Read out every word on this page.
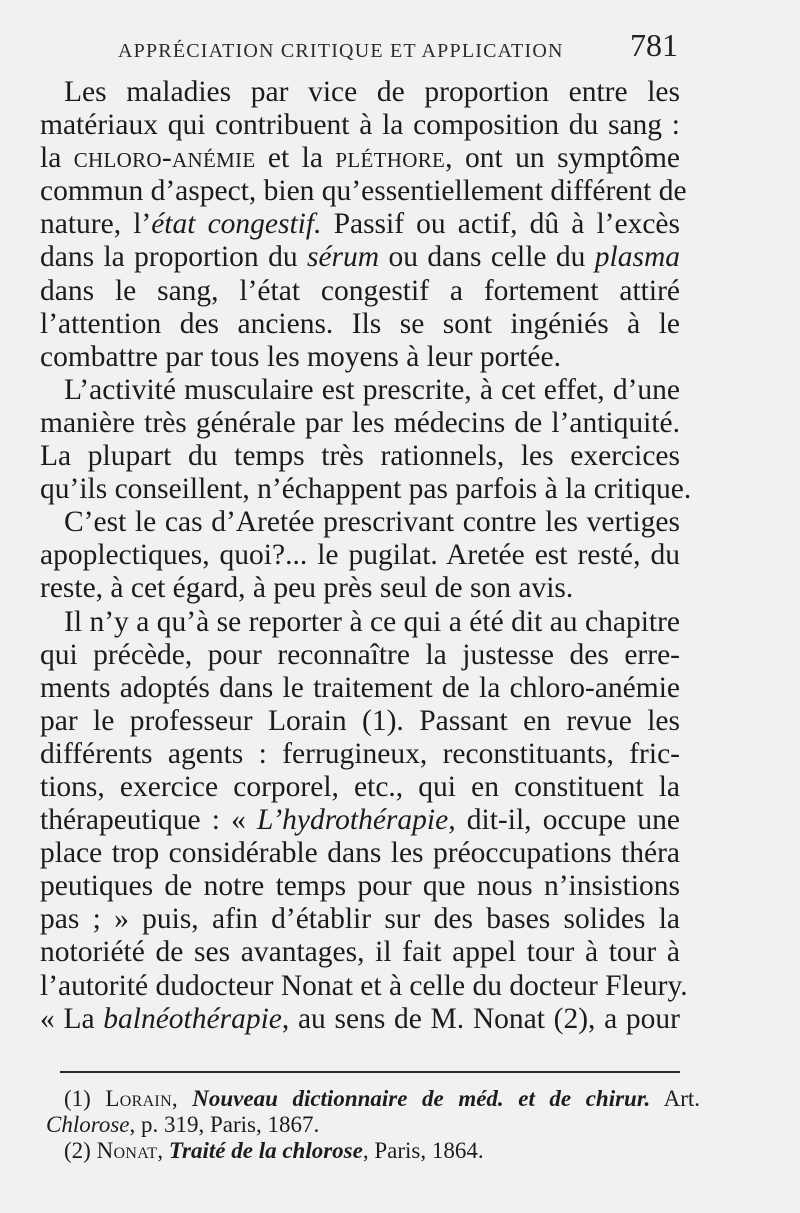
APPRÉCIATION CRITIQUE ET APPLICATION 781
Les maladies par vice de proportion entre les
matériaux qui contribuent à la composition du sang :
la chloro-anémie et la pléthore, ont un symptôme
commun d’aspect, bien qu’essentiellement différent de
nature, l’état congestif. Passif ou actif, dû à l’excès
dans la proportion du sérum ou dans celle du plasma
dans le sang, l’état congestif a fortement attiré
l’attention des anciens. Ils se sont ingéniés à le
combattre par tous les moyens à leur portée.
L’activité musculaire est prescrite, à cet effet, d’une
manière très générale par les médecins de l’antiquité.
La plupart du temps très rationnels, les exercices
qu’ils conseillent, n’échappent pas parfois à la critique.
C’est le cas d’Aretée prescrivant contre les vertiges
apoplectiques, quoi?... le pugilat. Aretée est resté, du
reste, à cet égard, à peu près seul de son avis.
Il n’y a qu’à se reporter à ce qui a été dit au chapitre
qui précède, pour reconnaître la justesse des erre-
ments adoptés dans le traitement de la chloro-anémie
par le professeur Lorain (1). Passant en revue les
différents agents : ferrugineux, reconstituants, fric-
tions, exercice corporel, etc., qui en constituent la
thérapeutique : « L’hydrothérapie, dit-il, occupe une
place trop considérable dans les préoccupations théra
peutiques de notre temps pour que nous n’insistions
pas ; » puis, afin d’établir sur des bases solides la
notoriété de ses avantages, il fait appel tour à tour à
l’autorité dudocteur Nonat et à celle du docteur Fleury.
« La balnéothérapie, au sens de M. Nonat (2), a pour
(1) Lorain, Nouveau dictionnaire de méd. et de chirur. Art.
Chlorose, p. 319, Paris, 1867.
(2) Nonat, Traité de la chlorose, Paris, 1864.
